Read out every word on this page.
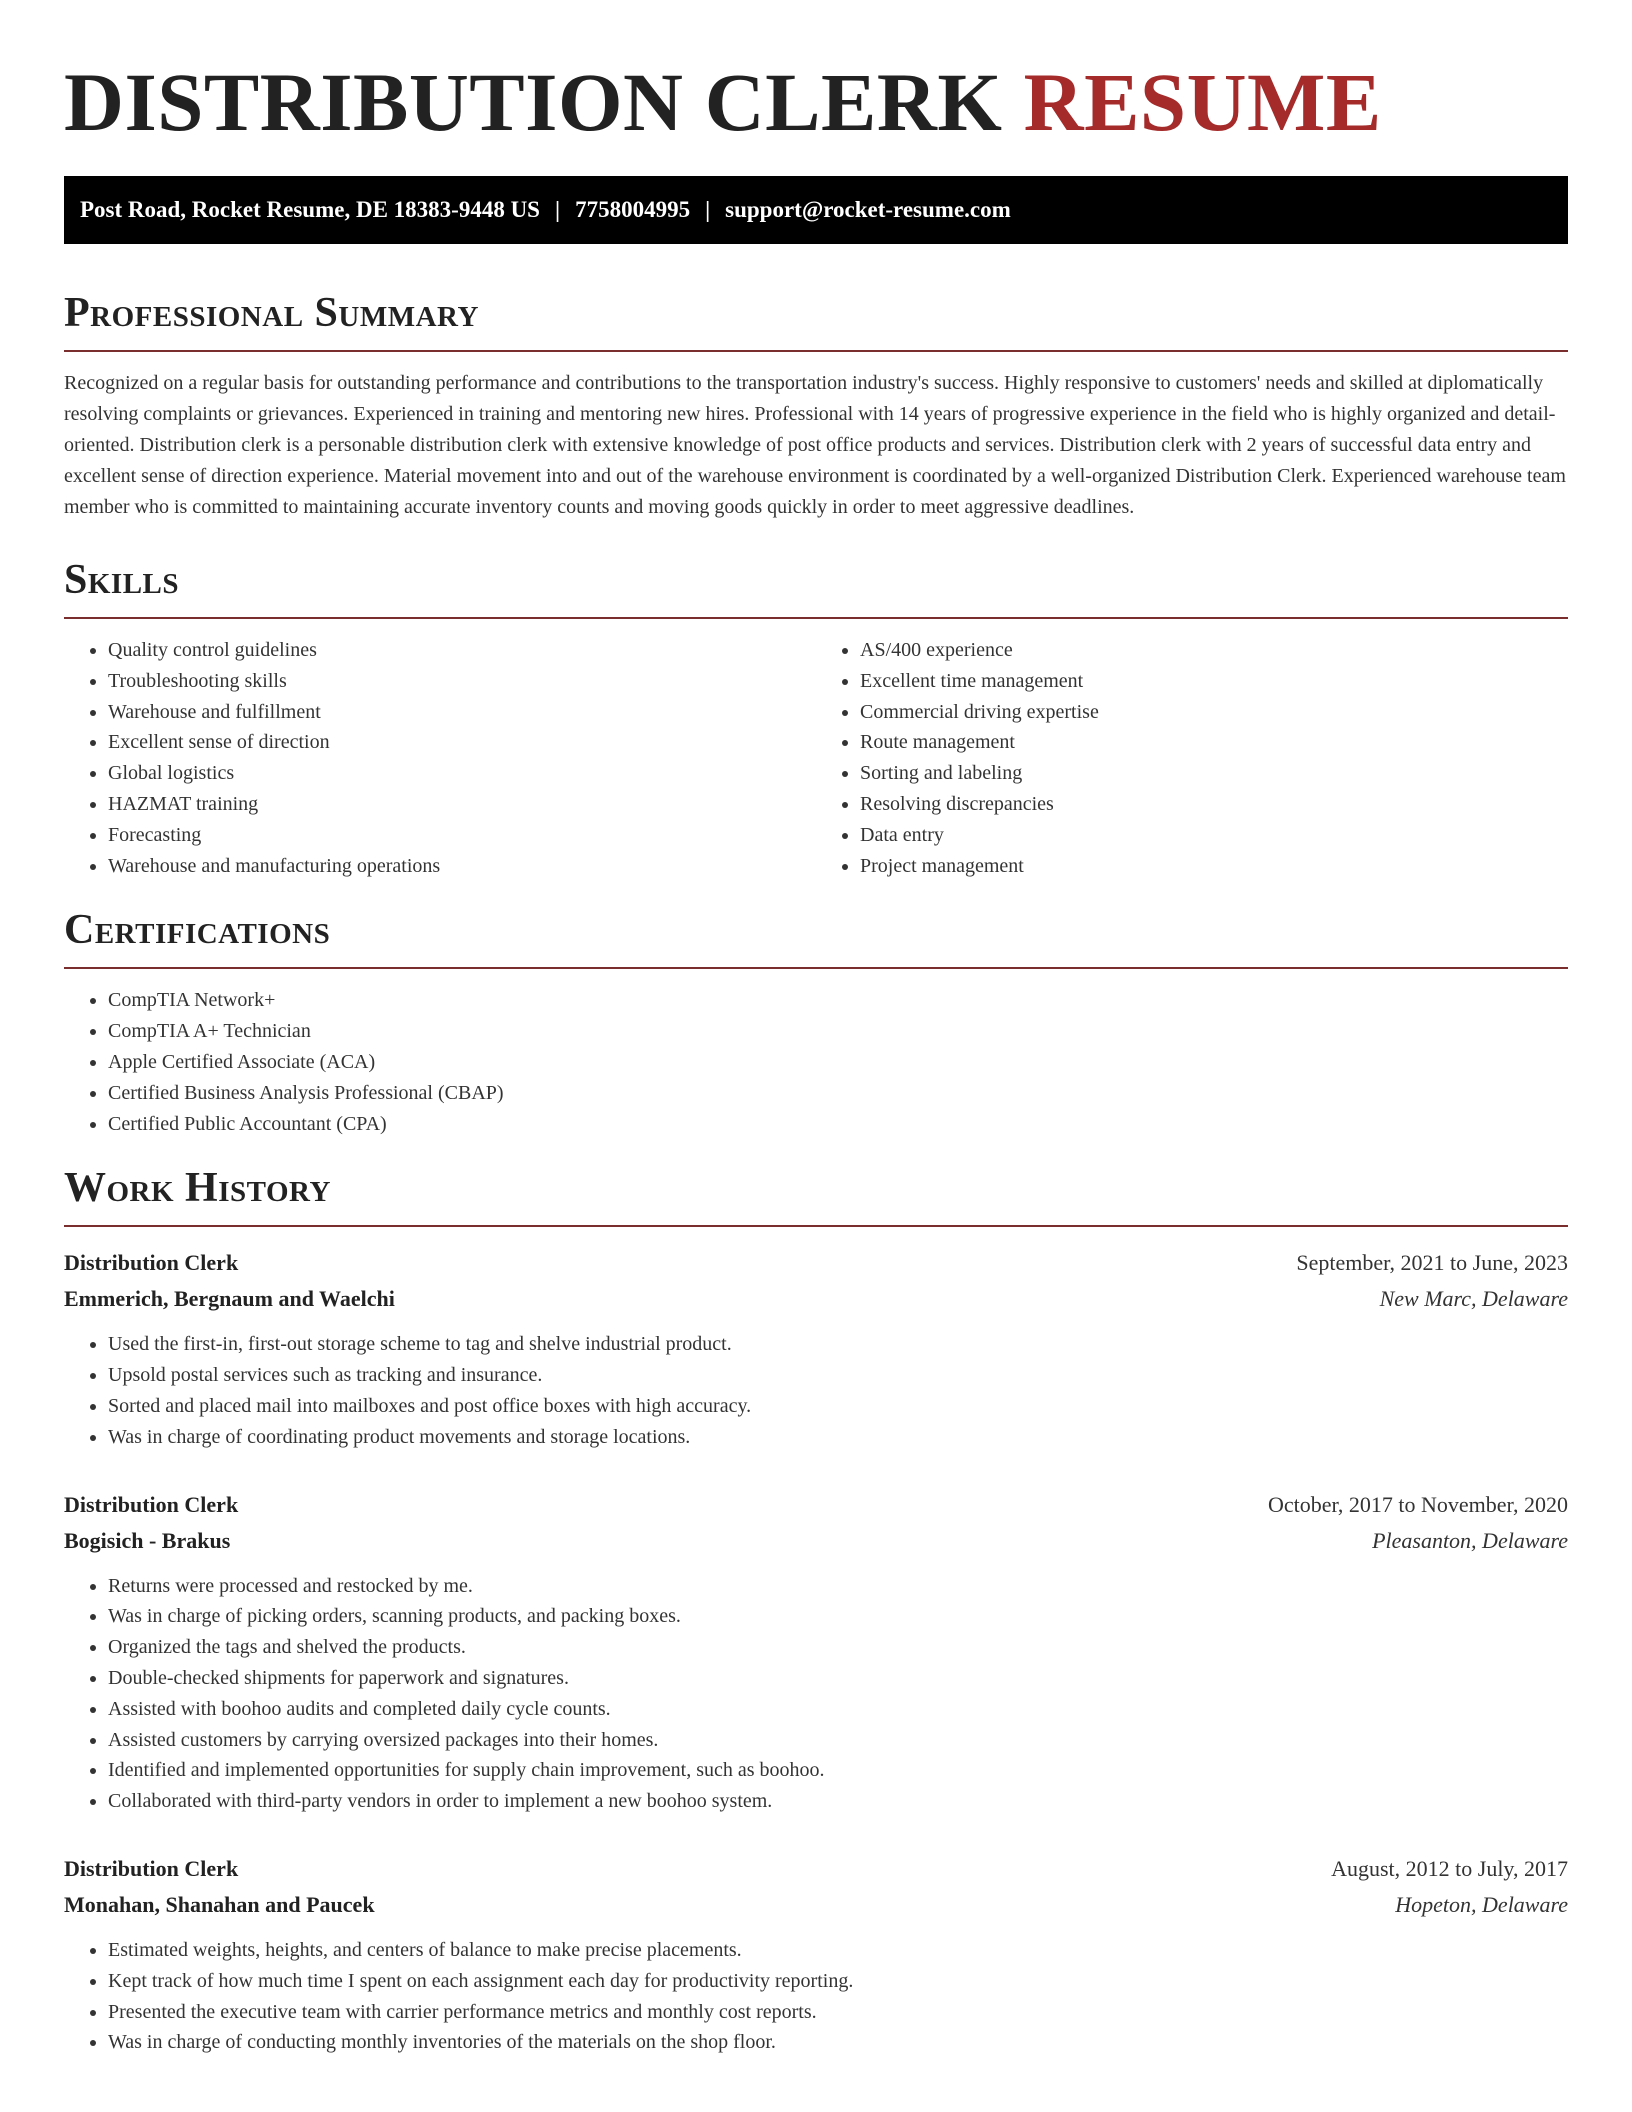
DISTRIBUTION CLERK RESUME
Post Road, Rocket Resume, DE 18383-9448 US | 7758004995 | support@rocket-resume.com
Professional Summary

Recognized on a regular basis for outstanding performance and contributions to the transportation industry's success. Highly responsive to customers' needs and skilled at diplomatically resolving complaints or grievances. Experienced in training and mentoring new hires. Professional with 14 years of progressive experience in the field who is highly organized and detail-oriented. Distribution clerk is a personable distribution clerk with extensive knowledge of post office products and services. Distribution clerk with 2 years of successful data entry and excellent sense of direction experience. Material movement into and out of the warehouse environment is coordinated by a well-organized Distribution Clerk. Experienced warehouse team member who is committed to maintaining accurate inventory counts and moving goods quickly in order to meet aggressive deadlines.

Skills
• Quality control guidelines
• Troubleshooting skills
• Warehouse and fulfillment
• Excellent sense of direction
• Global logistics
• HAZMAT training
• Forecasting
• Warehouse and manufacturing operations
• AS/400 experience
• Excellent time management
• Commercial driving expertise
• Route management
• Sorting and labeling
• Resolving discrepancies
• Data entry
• Project management
Certifications
• CompTIA Network+
• CompTIA A+ Technician
• Apple Certified Associate (ACA)
• Certified Business Analysis Professional (CBAP)
• Certified Public Accountant (CPA)
Work History
Distribution Clerk	September, 2021 to June, 2023
Emmerich, Bergnaum and Waelchi	New Marc, Delaware
• Used the first-in, first-out storage scheme to tag and shelve industrial product.
• Upsold postal services such as tracking and insurance.
• Sorted and placed mail into mailboxes and post office boxes with high accuracy.
• Was in charge of coordinating product movements and storage locations.
Distribution Clerk	October, 2017 to November, 2020
Bogisich - Brakus	Pleasanton, Delaware
• Returns were processed and restocked by me.
• Was in charge of picking orders, scanning products, and packing boxes.
• Organized the tags and shelved the products.
• Double-checked shipments for paperwork and signatures.
• Assisted with boohoo audits and completed daily cycle counts.
• Assisted customers by carrying oversized packages into their homes.
• Identified and implemented opportunities for supply chain improvement, such as boohoo.
• Collaborated with third-party vendors in order to implement a new boohoo system.
Distribution Clerk	August, 2012 to July, 2017
Monahan, Shanahan and Paucek	Hopeton, Delaware
• Estimated weights, heights, and centers of balance to make precise placements.
• Kept track of how much time I spent on each assignment each day for productivity reporting.
• Presented the executive team with carrier performance metrics and monthly cost reports.
• Was in charge of conducting monthly inventories of the materials on the shop floor.
